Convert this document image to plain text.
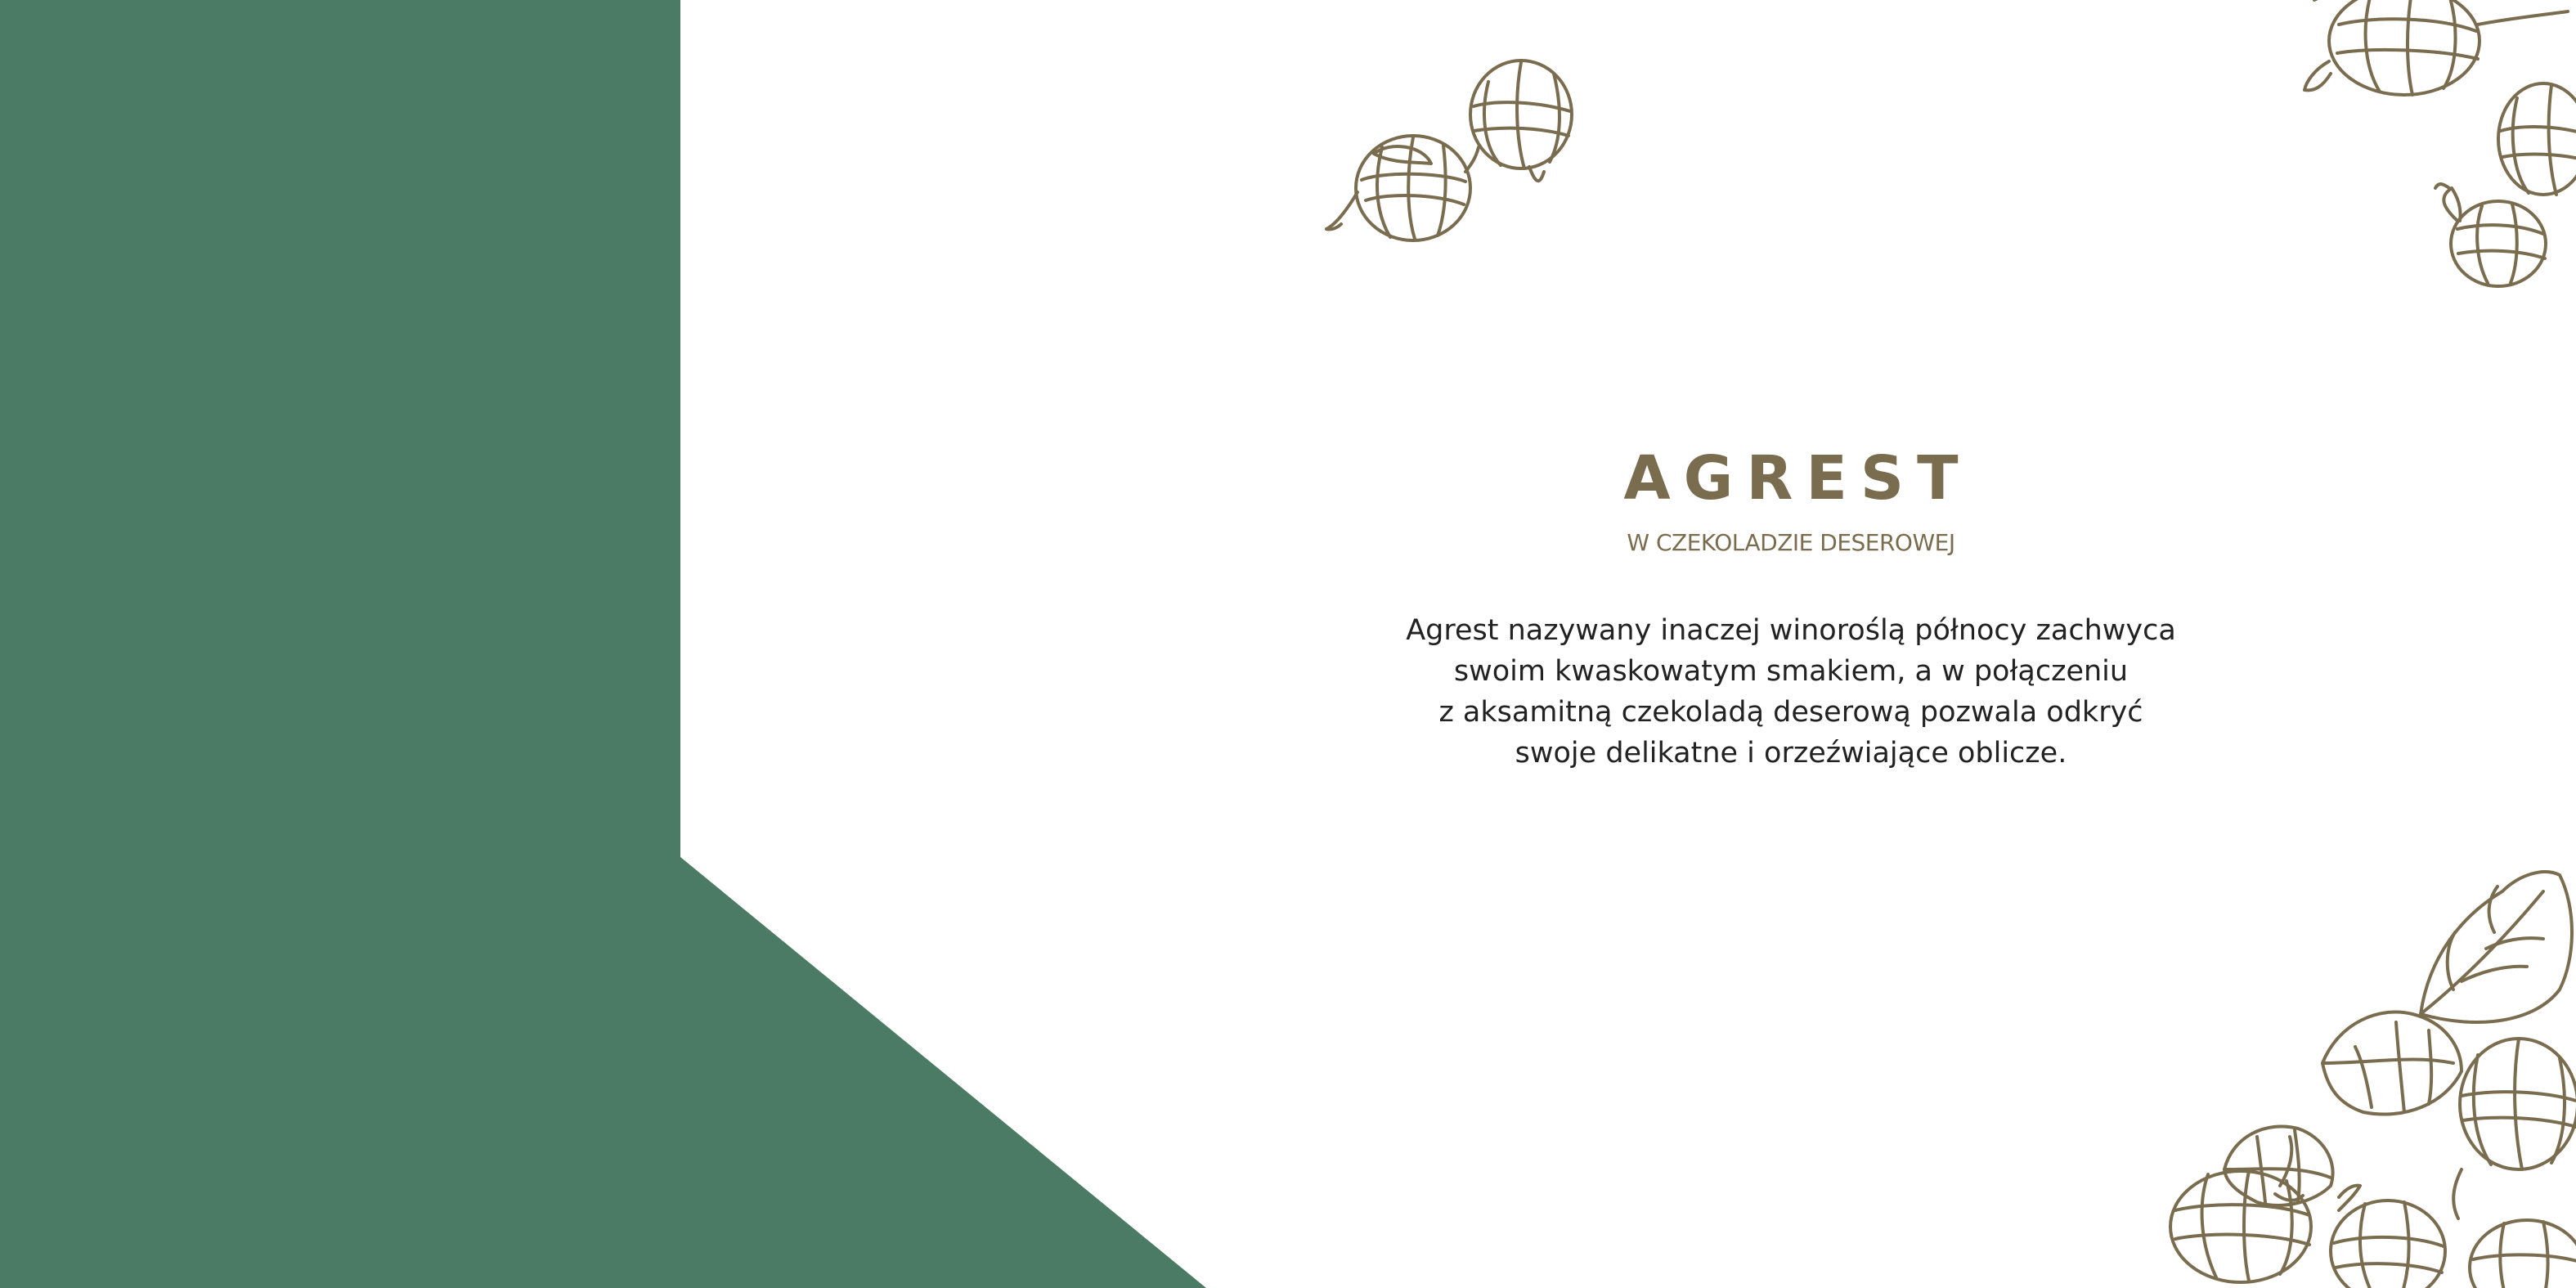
AGREST
W CZEKOLADZIE DESEROWEJ
Agrest nazywany inaczej winoroślą północy zachwyca
swoim kwaskowatym smakiem, a w połączeniu
z aksamitną czekoladą deserową pozwala odkryć
swoje delikatne i orzeźwiające oblicze.
